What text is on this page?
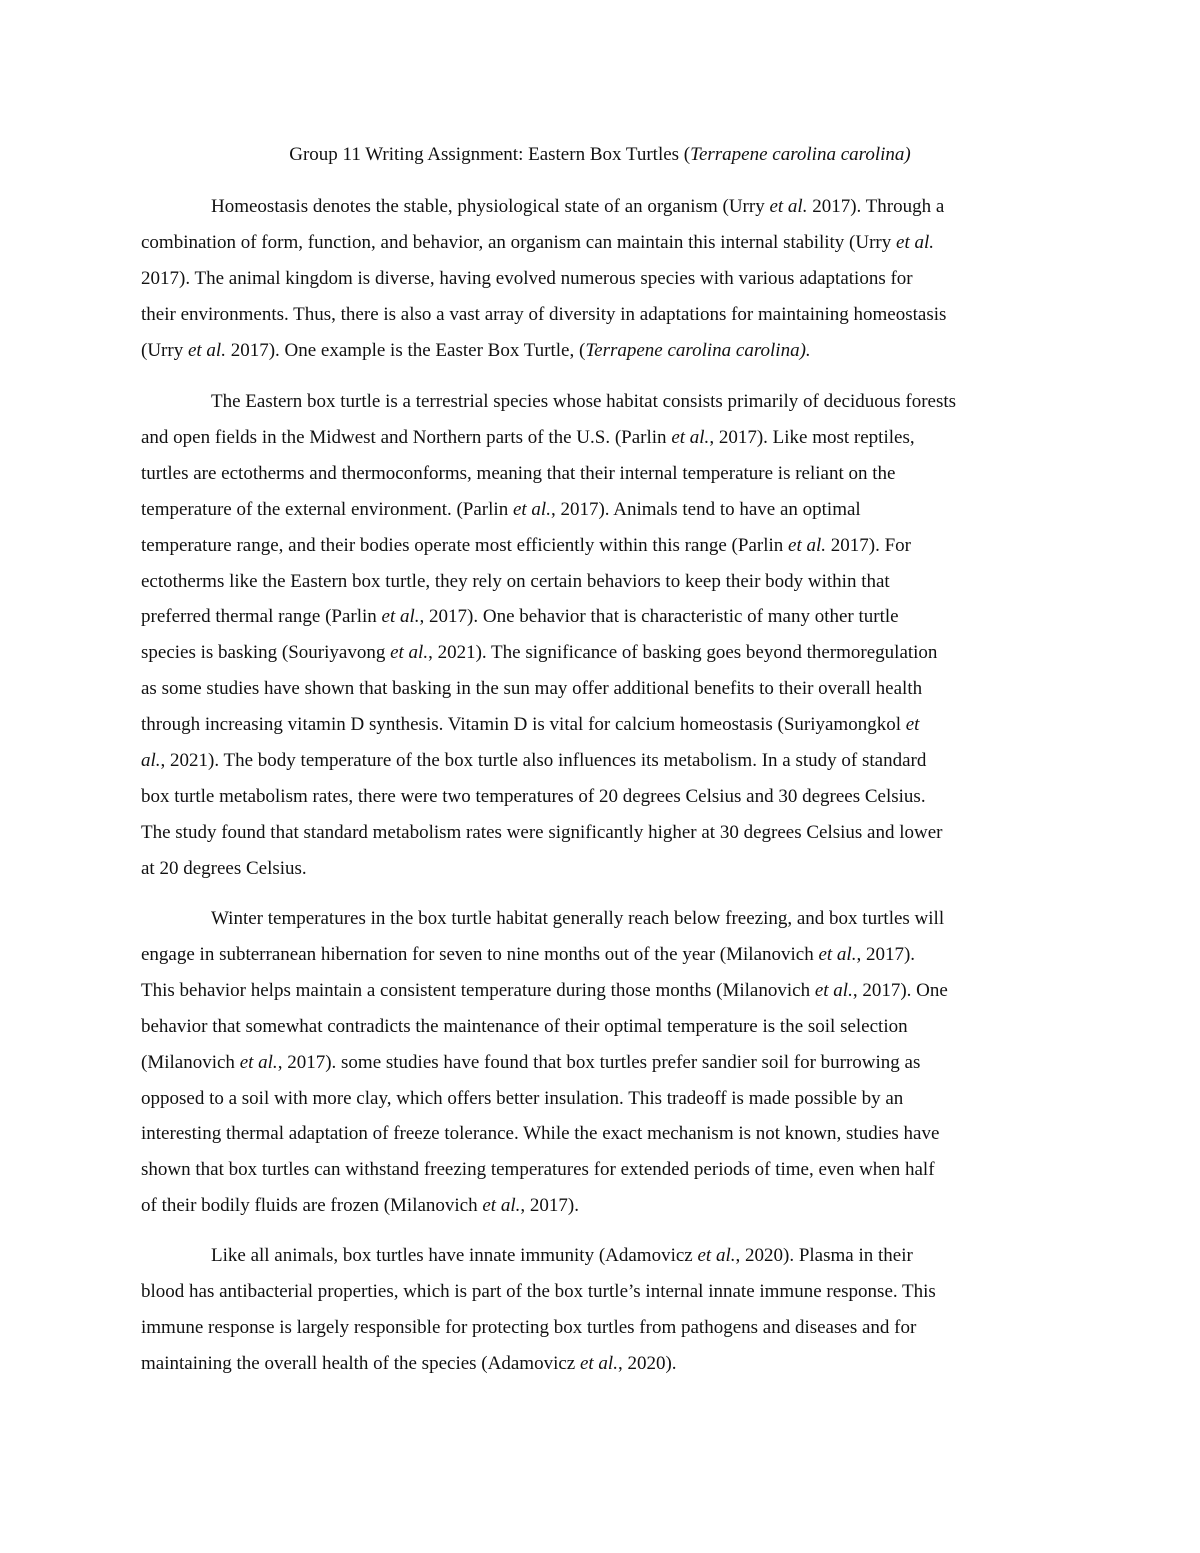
Group 11 Writing Assignment: Eastern Box Turtles (Terrapene carolina carolina)

Homeostasis denotes the stable, physiological state of an organism (Urry et al. 2017). Through a
combination of form, function, and behavior, an organism can maintain this internal stability (Urry et al.
2017). The animal kingdom is diverse, having evolved numerous species with various adaptations for
their environments. Thus, there is also a vast array of diversity in adaptations for maintaining homeostasis
(Urry et al. 2017). One example is the Easter Box Turtle, (Terrapene carolina carolina).

The Eastern box turtle is a terrestrial species whose habitat consists primarily of deciduous forests
and open fields in the Midwest and Northern parts of the U.S. (Parlin et al., 2017). Like most reptiles,
turtles are ectotherms and thermoconforms, meaning that their internal temperature is reliant on the
temperature of the external environment. (Parlin et al., 2017). Animals tend to have an optimal
temperature range, and their bodies operate most efficiently within this range (Parlin et al. 2017). For
ectotherms like the Eastern box turtle, they rely on certain behaviors to keep their body within that
preferred thermal range (Parlin et al., 2017). One behavior that is characteristic of many other turtle
species is basking (Souriyavong et al., 2021). The significance of basking goes beyond thermoregulation
as some studies have shown that basking in the sun may offer additional benefits to their overall health
through increasing vitamin D synthesis. Vitamin D is vital for calcium homeostasis (Suriyamongkol et
al., 2021). The body temperature of the box turtle also influences its metabolism. In a study of standard
box turtle metabolism rates, there were two temperatures of 20 degrees Celsius and 30 degrees Celsius.
The study found that standard metabolism rates were significantly higher at 30 degrees Celsius and lower
at 20 degrees Celsius.

Winter temperatures in the box turtle habitat generally reach below freezing, and box turtles will
engage in subterranean hibernation for seven to nine months out of the year (Milanovich et al., 2017).
This behavior helps maintain a consistent temperature during those months (Milanovich et al., 2017). One
behavior that somewhat contradicts the maintenance of their optimal temperature is the soil selection
(Milanovich et al., 2017). some studies have found that box turtles prefer sandier soil for burrowing as
opposed to a soil with more clay, which offers better insulation. This tradeoff is made possible by an
interesting thermal adaptation of freeze tolerance. While the exact mechanism is not known, studies have
shown that box turtles can withstand freezing temperatures for extended periods of time, even when half
of their bodily fluids are frozen (Milanovich et al., 2017).

Like all animals, box turtles have innate immunity (Adamovicz et al., 2020). Plasma in their
blood has antibacterial properties, which is part of the box turtle’s internal innate immune response. This
immune response is largely responsible for protecting box turtles from pathogens and diseases and for
maintaining the overall health of the species (Adamovicz et al., 2020).
